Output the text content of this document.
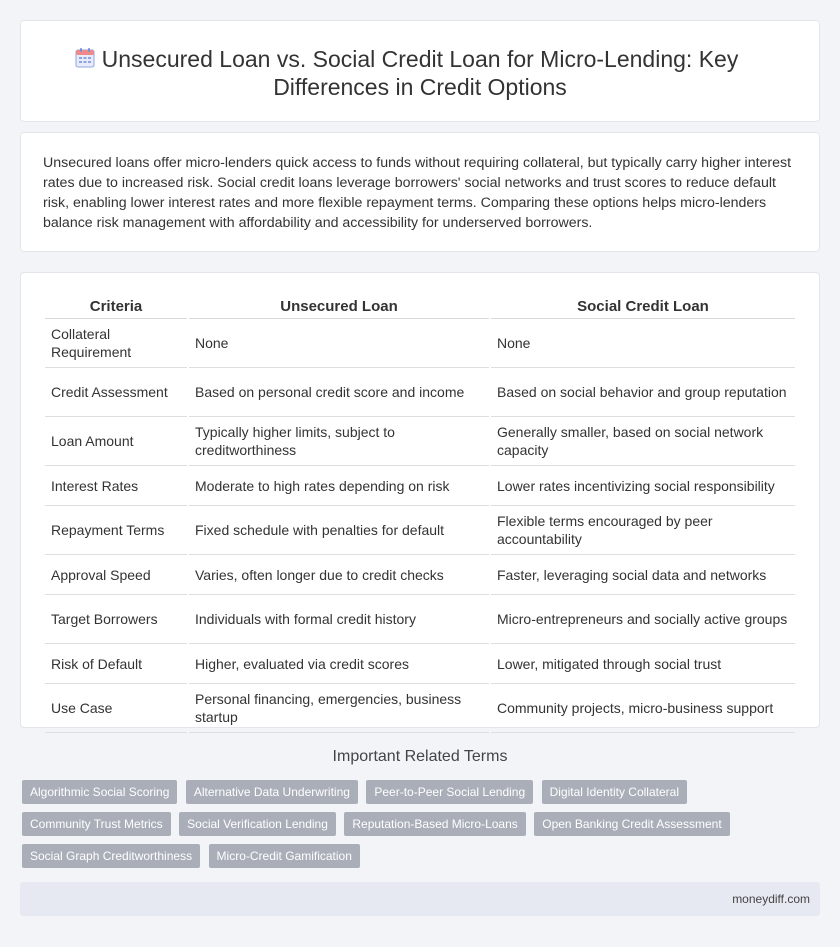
Unsecured Loan vs. Social Credit Loan for Micro-Lending: Key Differences in Credit Options

Unsecured loans offer micro-lenders quick access to funds without requiring collateral, but typically carry higher interest rates due to increased risk. Social credit loans leverage borrowers' social networks and trust scores to reduce default risk, enabling lower interest rates and more flexible repayment terms. Comparing these options helps micro-lenders balance risk management with affordability and accessibility for underserved borrowers.

Criteria	Unsecured Loan	Social Credit Loan
Collateral Requirement	None	None
Credit Assessment	Based on personal credit score and income	Based on social behavior and group reputation
Loan Amount	Typically higher limits, subject to creditworthiness	Generally smaller, based on social network capacity
Interest Rates	Moderate to high rates depending on risk	Lower rates incentivizing social responsibility
Repayment Terms	Fixed schedule with penalties for default	Flexible terms encouraged by peer accountability
Approval Speed	Varies, often longer due to credit checks	Faster, leveraging social data and networks
Target Borrowers	Individuals with formal credit history	Micro-entrepreneurs and socially active groups
Risk of Default	Higher, evaluated via credit scores	Lower, mitigated through social trust
Use Case	Personal financing, emergencies, business startup	Community projects, micro-business support
Important Related Terms
Algorithmic Social Scoring Alternative Data Underwriting Peer-to-Peer Social Lending Digital Identity Collateral Community Trust Metrics Social Verification Lending Reputation-Based Micro-Loans Open Banking Credit Assessment Social Graph Creditworthiness Micro-Credit Gamification
moneydiff.com
